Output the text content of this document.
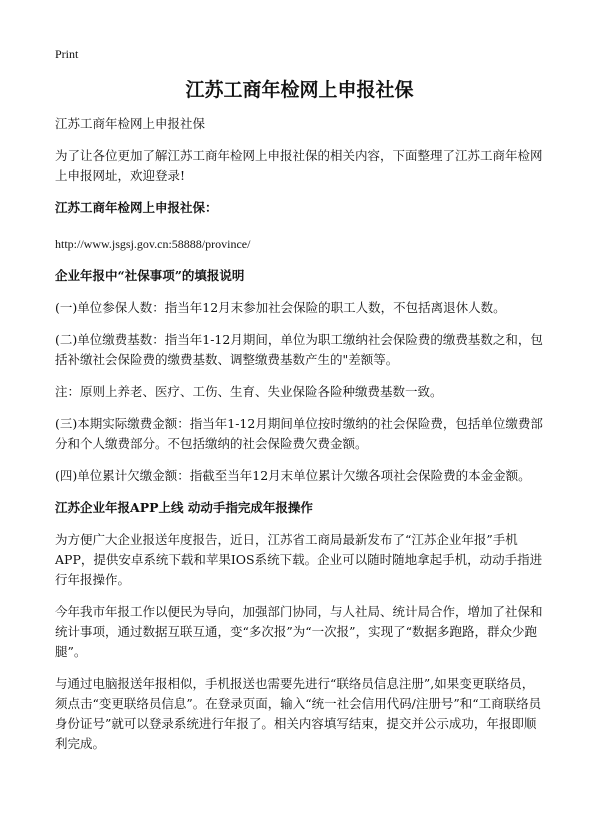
Print
江苏工商年检网上申报社保

江苏工商年检网上申报社保

为了让各位更加了解江苏工商年检网上申报社保的相关内容，下面整理了江苏工商年检网上申报网址，欢迎登录!

江苏工商年检网上申报社保：

http://www.jsgsj.gov.cn:58888/province/

企业年报中“社保事项”的填报说明

(一)单位参保人数：指当年12月末参加社会保险的职工人数，不包括离退休人数。

(二)单位缴费基数：指当年1-12月期间，单位为职工缴纳社会保险费的缴费基数之和，包括补缴社会保险费的缴费基数、调整缴费基数产生的"差额等。

注：原则上养老、医疗、工伤、生育、失业保险各险种缴费基数一致。

(三)本期实际缴费金额：指当年1-12月期间单位按时缴纳的社会保险费，包括单位缴费部分和个人缴费部分。不包括缴纳的社会保险费欠费金额。

(四)单位累计欠缴金额：指截至当年12月末单位累计欠缴各项社会保险费的本金金额。

江苏企业年报APP上线 动动手指完成年报操作

为方便广大企业报送年度报告，近日，江苏省工商局最新发布了“江苏企业年报”手机APP，提供安卓系统下载和苹果IOS系统下载。企业可以随时随地拿起手机，动动手指进行年报操作。

今年我市年报工作以便民为导向，加强部门协同，与人社局、统计局合作，增加了社保和统计事项，通过数据互联互通，变“多次报”为“一次报”，实现了“数据多跑路，群众少跑腿”。

与通过电脑报送年报相似，手机报送也需要先进行“联络员信息注册”,如果变更联络员，须点击“变更联络员信息”。在登录页面，输入“统一社会信用代码/注册号”和“工商联络员身份证号”就可以登录系统进行年报了。相关内容填写结束，提交并公示成功，年报即顺利完成。
